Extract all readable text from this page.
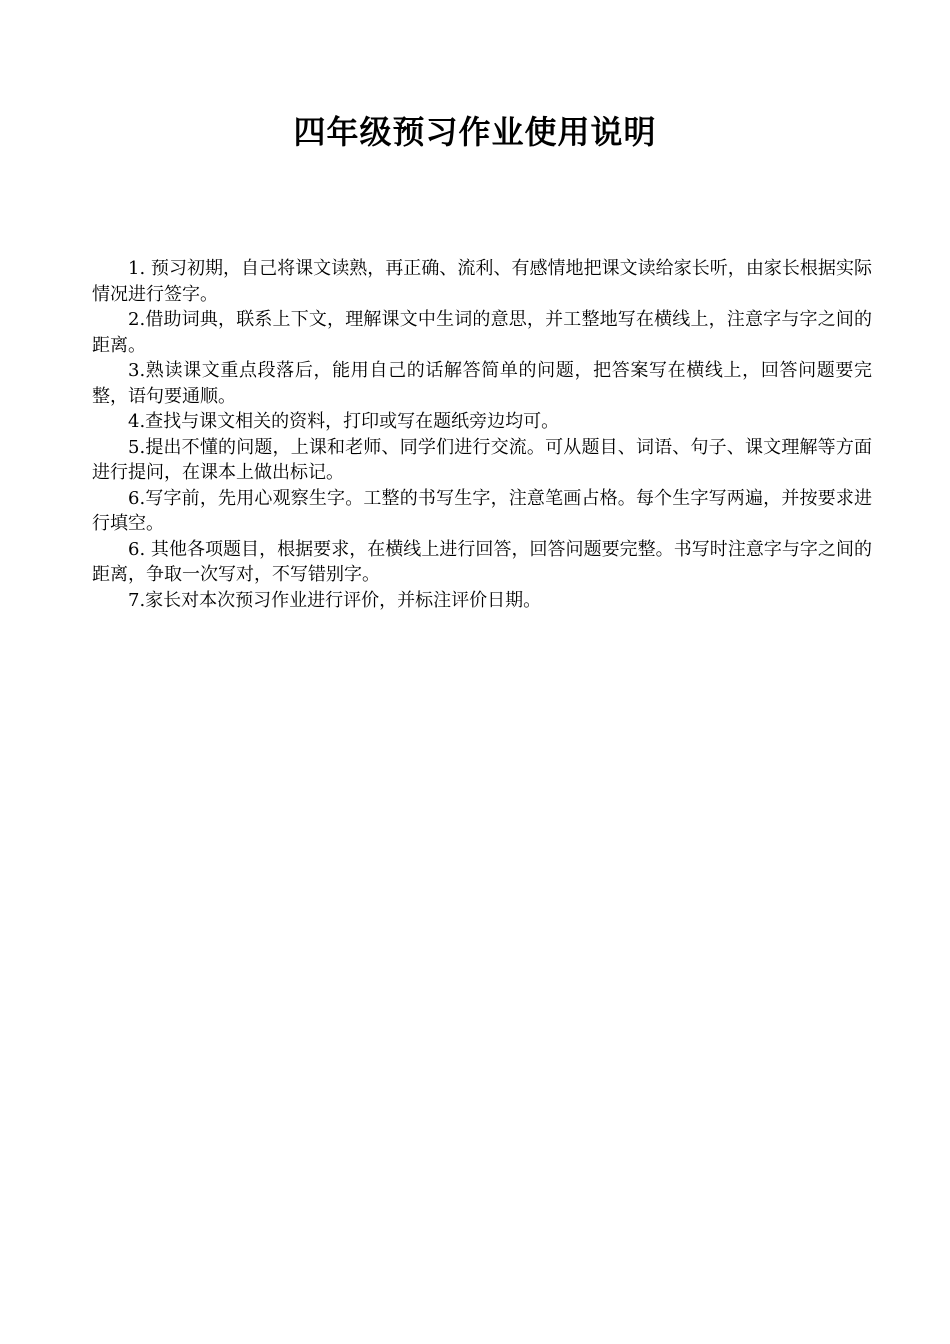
四年级预习作业使用说明
1. 预习初期，自己将课文读熟，再正确、流利、有感情地把课文读给家长听，由家长根据实际情况进行签字。
2.借助词典，联系上下文，理解课文中生词的意思，并工整地写在横线上，注意字与字之间的距离。
3.熟读课文重点段落后，能用自己的话解答简单的问题，把答案写在横线上，回答问题要完整，语句要通顺。
4.查找与课文相关的资料，打印或写在题纸旁边均可。
5.提出不懂的问题，上课和老师、同学们进行交流。可从题目、词语、句子、课文理解等方面进行提问，在课本上做出标记。
6.写字前，先用心观察生字。工整的书写生字，注意笔画占格。每个生字写两遍，并按要求进行填空。
6. 其他各项题目，根据要求，在横线上进行回答，回答问题要完整。书写时注意字与字之间的距离，争取一次写对，不写错别字。
7.家长对本次预习作业进行评价，并标注评价日期。
